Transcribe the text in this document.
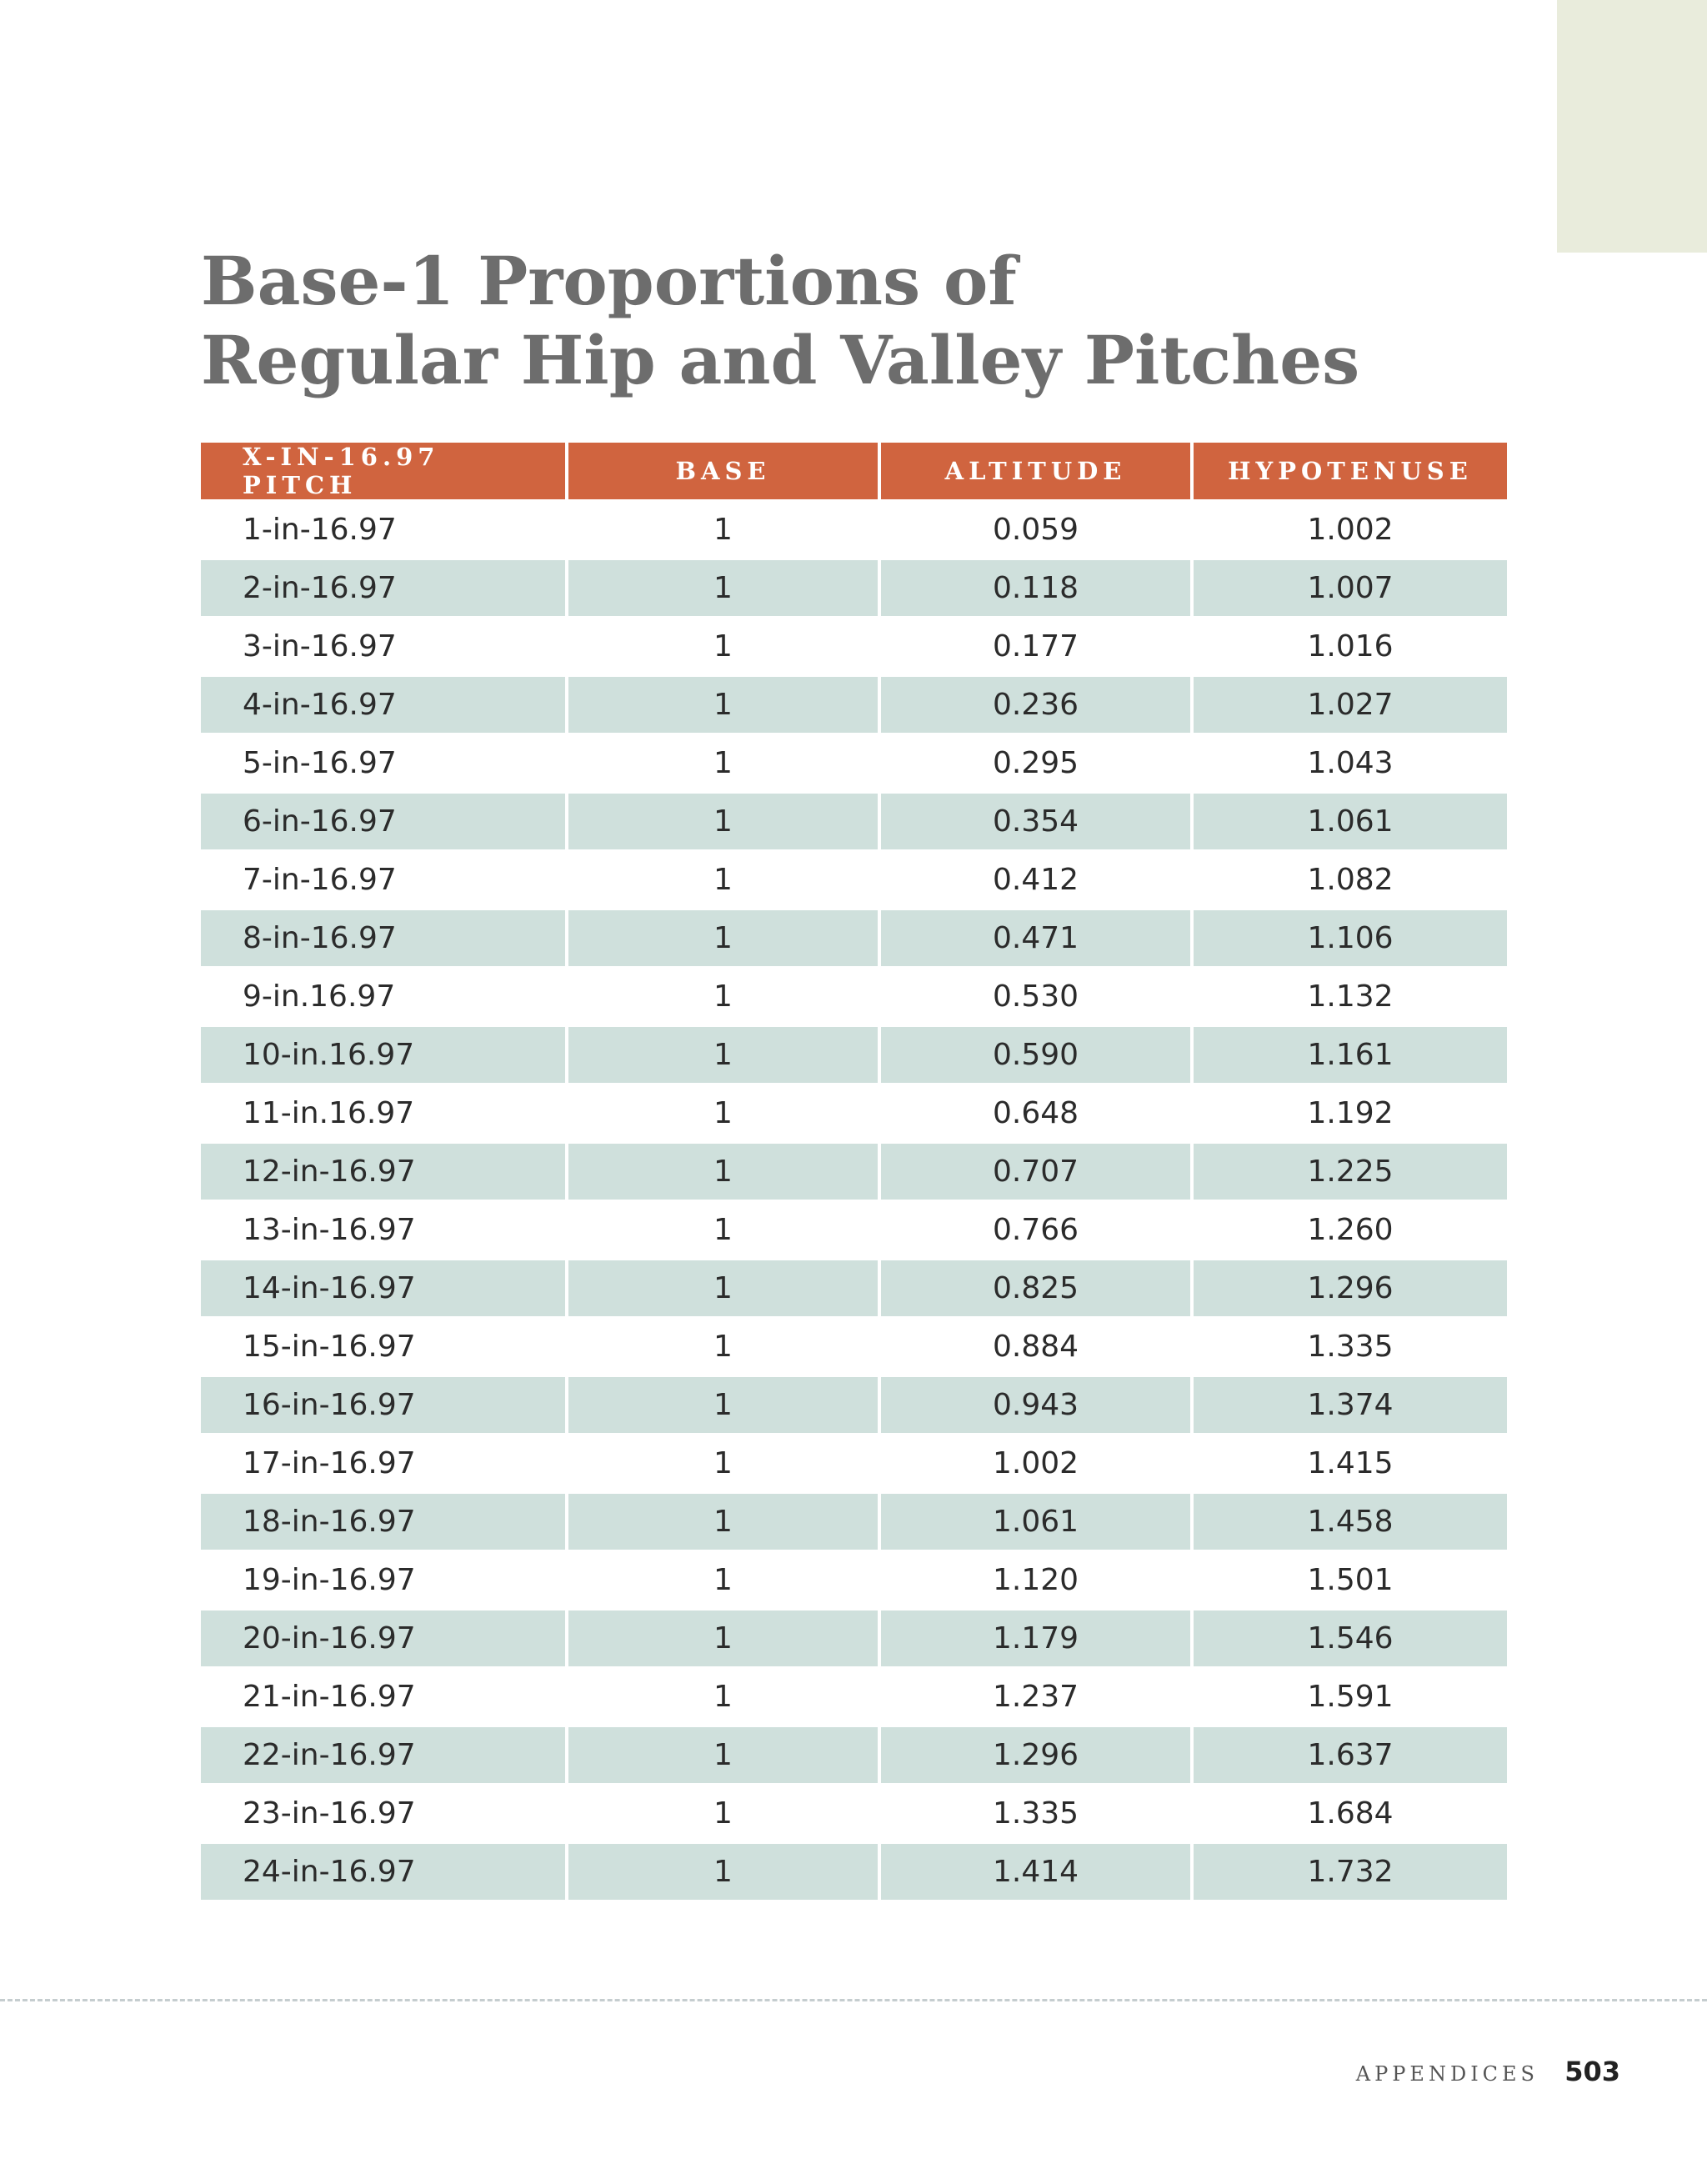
Base-1 Proportions of
Regular Hip and Valley Pitches
X-IN-16.97 PITCH	BASE	ALTITUDE	HYPOTENUSE
1-in-16.97	1	0.059	1.002
2-in-16.97	1	0.118	1.007
3-in-16.97	1	0.177	1.016
4-in-16.97	1	0.236	1.027
5-in-16.97	1	0.295	1.043
6-in-16.97	1	0.354	1.061
7-in-16.97	1	0.412	1.082
8-in-16.97	1	0.471	1.106
9-in.16.97	1	0.530	1.132
10-in.16.97	1	0.590	1.161
11-in.16.97	1	0.648	1.192
12-in-16.97	1	0.707	1.225
13-in-16.97	1	0.766	1.260
14-in-16.97	1	0.825	1.296
15-in-16.97	1	0.884	1.335
16-in-16.97	1	0.943	1.374
17-in-16.97	1	1.002	1.415
18-in-16.97	1	1.061	1.458
19-in-16.97	1	1.120	1.501
20-in-16.97	1	1.179	1.546
21-in-16.97	1	1.237	1.591
22-in-16.97	1	1.296	1.637
23-in-16.97	1	1.335	1.684
24-in-16.97	1	1.414	1.732
APPENDICES 503
